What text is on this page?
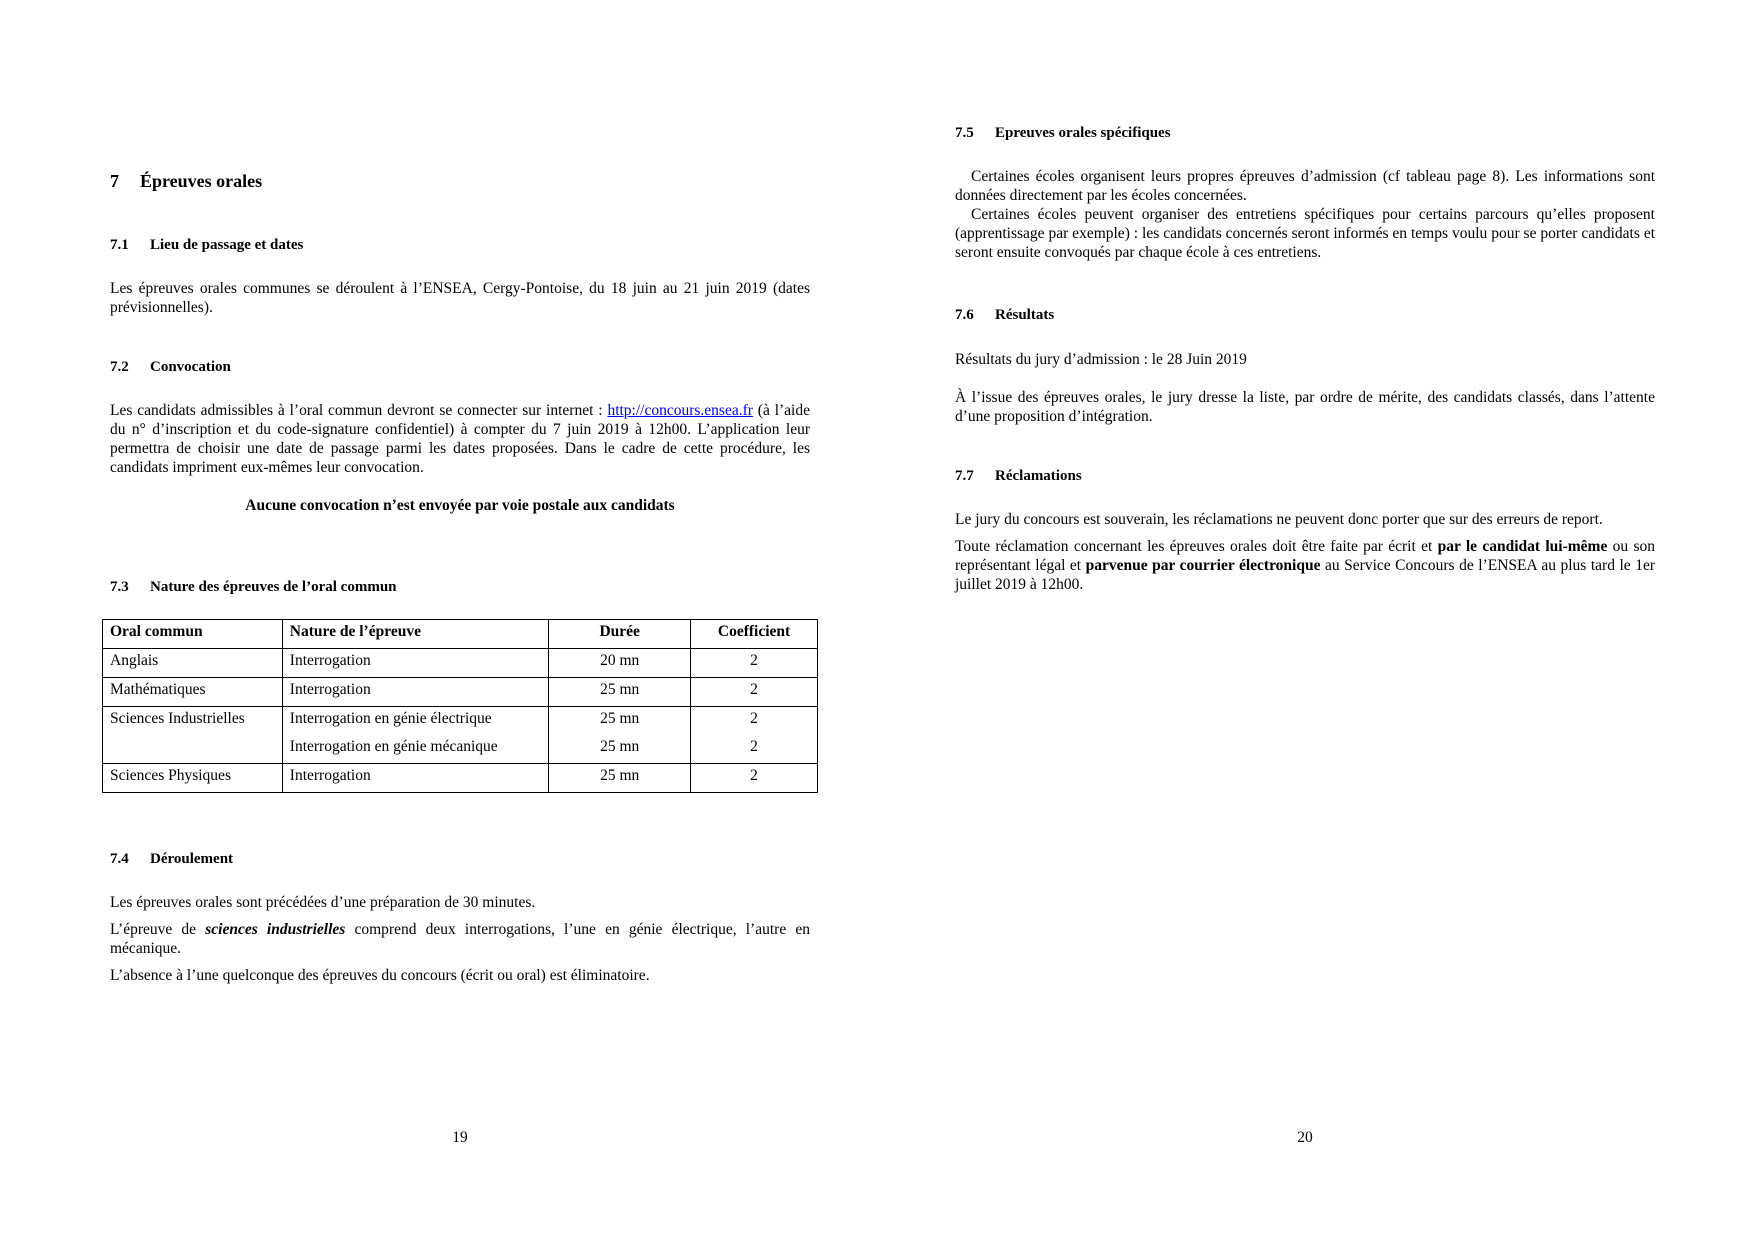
7 Épreuves orales
7.1 Lieu de passage et dates

Les épreuves orales communes se déroulent à l’ENSEA, Cergy-Pontoise, du 18 juin au 21 juin 2019 (dates prévisionnelles).

7.2 Convocation

Les candidats admissibles à l’oral commun devront se connecter sur internet : http://concours.ensea.fr (à l’aide du n° d’inscription et du code-signature confidentiel) à compter du 7 juin 2019 à 12h00. L’application leur permettra de choisir une date de passage parmi les dates proposées. Dans le cadre de cette procédure, les candidats impriment eux-mêmes leur convocation.

Aucune convocation n’est envoyée par voie postale aux candidats

7.3 Nature des épreuves de l’oral commun
Oral commun	Nature de l’épreuve	Durée	Coefficient
Anglais	Interrogation	20 mn	2
Mathématiques	Interrogation	25 mn	2
Sciences Industrielles	Interrogation en génie électrique	25 mn	2
	Interrogation en génie mécanique	25 mn	2
Sciences Physiques	Interrogation	25 mn	2
7.4 Déroulement

Les épreuves orales sont précédées d’une préparation de 30 minutes.

L’épreuve de sciences industrielles comprend deux interrogations, l’une en génie électrique, l’autre en mécanique.

L’absence à l’une quelconque des épreuves du concours (écrit ou oral) est éliminatoire.

19
7.5 Epreuves orales spécifiques

Certaines écoles organisent leurs propres épreuves d’admission (cf tableau page 8). Les informations sont données directement par les écoles concernées.

Certaines écoles peuvent organiser des entretiens spécifiques pour certains parcours qu’elles proposent (apprentissage par exemple) : les candidats concernés seront informés en temps voulu pour se porter candidats et seront ensuite convoqués par chaque école à ces entretiens.

7.6 Résultats

Résultats du jury d’admission : le 28 Juin 2019

À l’issue des épreuves orales, le jury dresse la liste, par ordre de mérite, des candidats classés, dans l’attente d’une proposition d’intégration.

7.7 Réclamations

Le jury du concours est souverain, les réclamations ne peuvent donc porter que sur des erreurs de report.

Toute réclamation concernant les épreuves orales doit être faite par écrit et par le candidat lui-même ou son représentant légal et parvenue par courrier électronique au Service Concours de l’ENSEA au plus tard le 1er juillet 2019 à 12h00.

20
